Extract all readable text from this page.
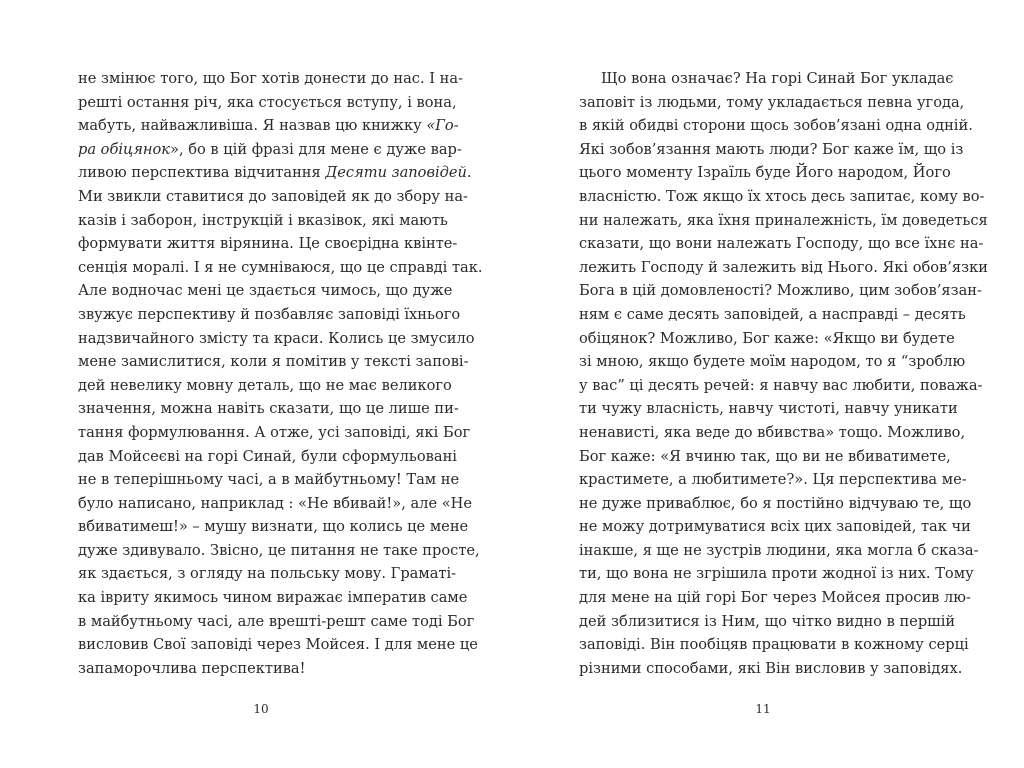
не змінює того, що Бог хотів донести до нас. І на-
решті остання річ, яка стосується вступу, і вона,
мабуть, найважливіша. Я назвав цю книжку «Го-
ра обіцянок», бо в цій фразі для мене є дуже вар-
ливою перспектива відчитання Десяти заповідей.
Ми звикли ставитися до заповідей як до збору на-
казів і заборон, інструкцій і вказівок, які мають
формувати життя вірянина. Це своєрідна квінте-
сенція моралі. І я не сумніваюся, що це справді так.
Але водночас мені це здається чимось, що дуже
звужує перспективу й позбавляє заповіді їхнього
надзвичайного змісту та краси. Колись це змусило
мене замислитися, коли я помітив у тексті запові-
дей невелику мовну деталь, що не має великого
значення, можна навіть сказати, що це лише пи-
тання формулювання. А отже, усі заповіді, які Бог
дав Мойсеєві на горі Синай, були сформульовані
не в теперішньому часі, а в майбутньому! Там не
було написано, наприклад : «Не вбивай!», але «Не
вбиватимеш!» – мушу визнати, що колись це мене
дуже здивувало. Звісно, це питання не таке просте,
як здається, з огляду на польську мову. Граматі-
ка івриту якимось чином виражає імператив саме
в майбутньому часі, але врешті-решт саме тоді Бог
висловив Свої заповіді через Мойсея. І для мене це
запаморочлива перспектива!
Що вона означає? На горі Синай Бог укладає
заповіт із людьми, тому укладається певна угода,
в якій обидві сторони щось зобов’язані одна одній.
Які зобов’язання мають люди? Бог каже їм, що із
цього моменту Ізраїль буде Його народом, Його
власністю. Тож якщо їх хтось десь запитає, кому во-
ни належать, яка їхня приналежність, їм доведеться
сказати, що вони належать Господу, що все їхнє на-
лежить Господу й залежить від Нього. Які обов’язки
Бога в цій домовленості? Можливо, цим зобов’язан-
ням є саме десять заповідей, а насправді – десять
обіцянок? Можливо, Бог каже: «Якщо ви будете
зі мною, якщо будете моїм народом, то я “зроблю
у вас” ці десять речей: я навчу вас любити, поважа-
ти чужу власність, навчу чистоті, навчу уникати
ненависті, яка веде до вбивства» тощо. Можливо,
Бог каже: «Я вчиню так, що ви не вбиватимете,
крастимете, а любитимете?». Ця перспектива ме-
не дуже приваблює, бо я постійно відчуваю те, що
не можу дотримуватися всіх цих заповідей, так чи
інакше, я ще не зустрів людини, яка могла б сказа-
ти, що вона не згрішила проти жодної із них. Тому
для мене на цій горі Бог через Мойсея просив лю-
дей зблизитися із Ним, що чітко видно в першій
заповіді. Він пообіцяв працювати в кожному серці
різними способами, які Він висловив у заповідях.
10	11
